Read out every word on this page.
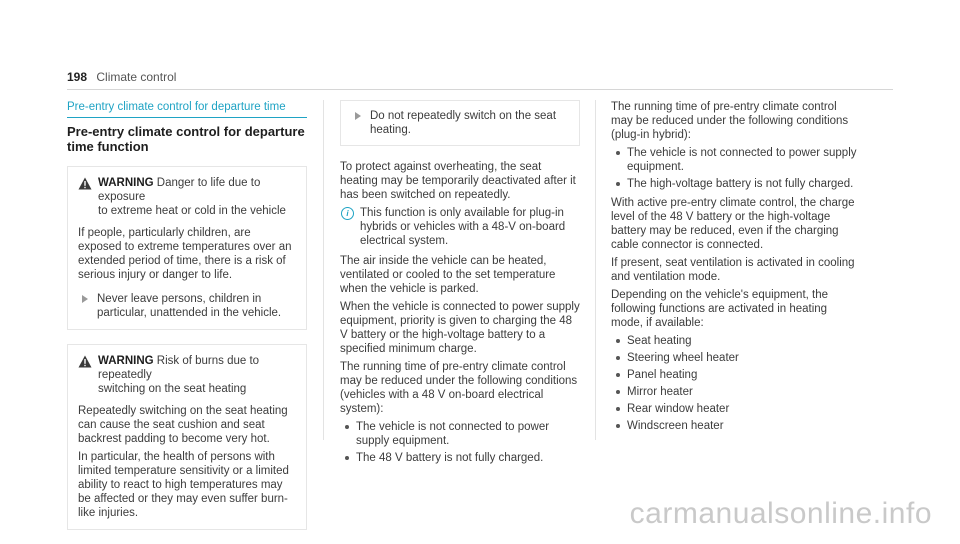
198 Climate control
Pre-entry climate control for departure time
Pre-entry climate control for departure time function
WARNING Danger to life due to exposure
to extreme heat or cold in the vehicle
If people, particularly children, are exposed to extreme temperatures over an extended period of time, there is a risk of serious injury or danger to life.
Never leave persons, children in particular, unattended in the vehicle.
WARNING Risk of burns due to repeatedly
switching on the seat heating
Repeatedly switching on the seat heating can cause the seat cushion and seat backrest padding to become very hot.
In particular, the health of persons with limited temperature sensitivity or a limited ability to react to high temperatures may be affected or they may even suffer burn-like injuries.
Do not repeatedly switch on the seat heating.

To protect against overheating, the seat heating may be temporarily deactivated after it has been switched on repeatedly.

i This function is only available for plug-in hybrids or vehicles with a 48-V on-board electrical system.

The air inside the vehicle can be heated, ventilated or cooled to the set temperature when the vehicle is parked.

When the vehicle is connected to power supply equipment, priority is given to charging the 48 V battery or the high-voltage battery to a specified minimum charge.

The running time of pre-entry climate control may be reduced under the following conditions (vehicles with a 48 V on-board electrical system):

The vehicle is not connected to power supply equipment.
The 48 V battery is not fully charged.

The running time of pre-entry climate control may be reduced under the following conditions (plug-in hybrid):

The vehicle is not connected to power supply equipment.
The high-voltage battery is not fully charged.

With active pre-entry climate control, the charge level of the 48 V battery or the high-voltage battery may be reduced, even if the charging cable connector is connected.

If present, seat ventilation is activated in cooling and ventilation mode.

Depending on the vehicle's equipment, the following functions are activated in heating mode, if available:

Seat heating
Steering wheel heater
Panel heating
Mirror heater
Rear window heater
Windscreen heater
carmanualsonline.info
